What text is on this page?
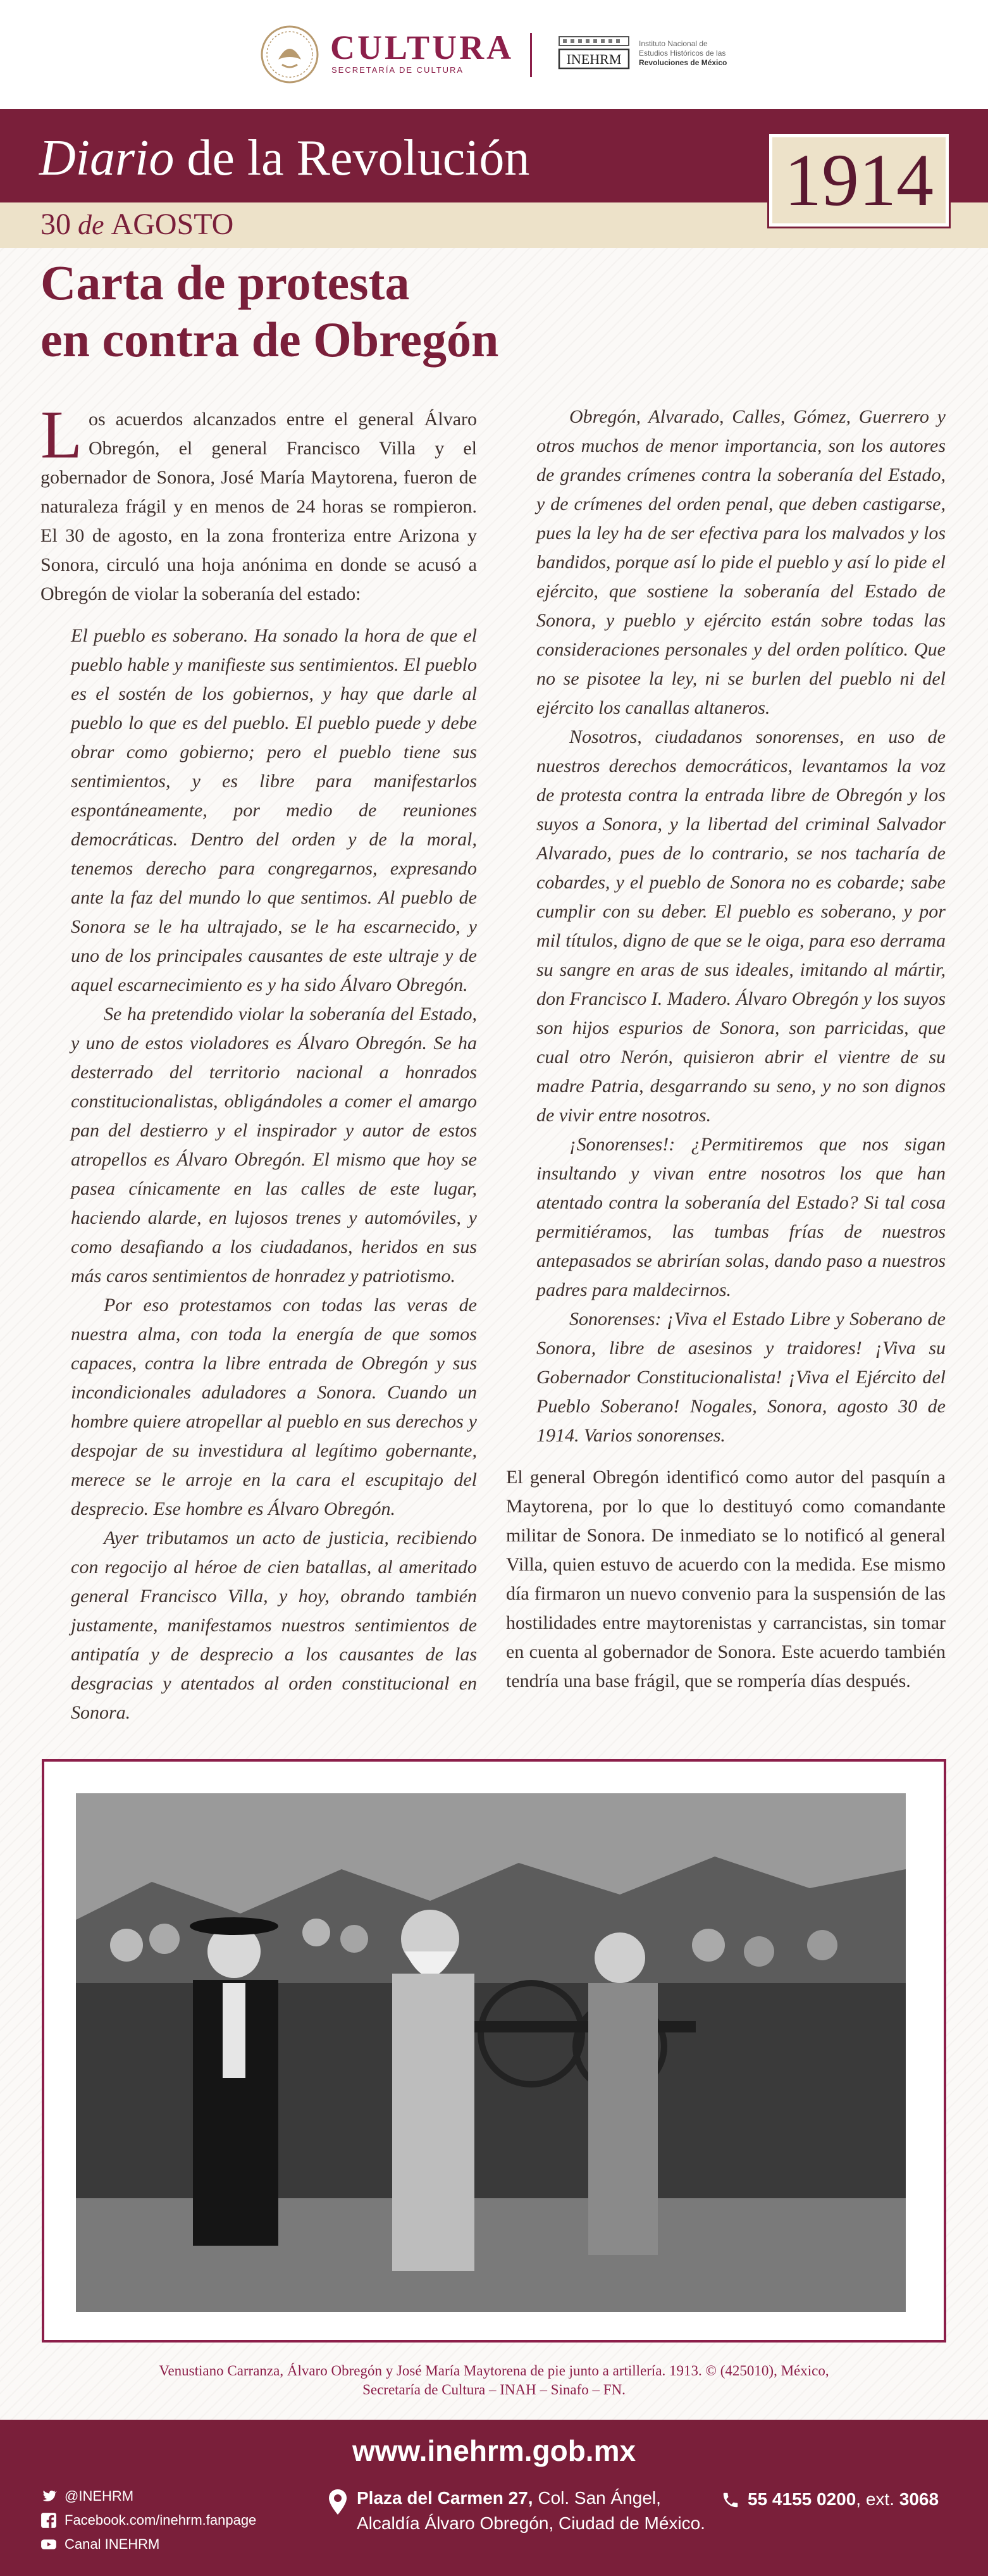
CULTURA
SECRETARÍA DE CULTURA
INEHRM
Instituto Nacional de
Estudios Históricos de las
Revoluciones de México
Diario de la Revolución
30 de AGOSTO
1914
Carta de protesta
en contra de Obregón

Los acuerdos alcanzados entre el general Álvaro Obregón, el general Francisco Villa y el gobernador de Sonora, José María Maytorena, fueron de naturaleza frágil y en menos de 24 horas se rompieron. El 30 de agosto, en la zona fronteriza entre Arizona y Sonora, circuló una hoja anónima en donde se acusó a Obregón de violar la soberanía del estado:

El pueblo es soberano. Ha sonado la hora de que el pueblo hable y manifieste sus sentimientos. El pueblo es el sostén de los gobiernos, y hay que darle al pueblo lo que es del pueblo. El pueblo puede y debe obrar como gobierno; pero el pueblo tiene sus sentimientos, y es libre para manifestarlos espontáneamente, por medio de reuniones democráticas. Dentro del orden y de la moral, tenemos derecho para congregarnos, expresando ante la faz del mundo lo que sentimos. Al pueblo de Sonora se le ha ultrajado, se le ha escarnecido, y uno de los principales causantes de este ultraje y de aquel escarnecimiento es y ha sido Álvaro Obregón.

Se ha pretendido violar la soberanía del Estado, y uno de estos violadores es Álvaro Obregón. Se ha desterrado del territorio nacional a honrados constitucionalistas, obligándoles a comer el amargo pan del destierro y el inspirador y autor de estos atropellos es Álvaro Obregón. El mismo que hoy se pasea cínicamente en las calles de este lugar, haciendo alarde, en lujosos trenes y automóviles, y como desafiando a los ciudadanos, heridos en sus más caros sentimientos de honradez y patriotismo.

Por eso protestamos con todas las veras de nuestra alma, con toda la energía de que somos capaces, contra la libre entrada de Obregón y sus incondicionales aduladores a Sonora. Cuando un hombre quiere atropellar al pueblo en sus derechos y despojar de su investidura al legítimo gobernante, merece se le arroje en la cara el escupitajo del desprecio. Ese hombre es Álvaro Obregón.

Ayer tributamos un acto de justicia, recibiendo con regocijo al héroe de cien batallas, al ameritado general Francisco Villa, y hoy, obrando también justamente, manifestamos nuestros sentimientos de antipatía y de desprecio a los causantes de las desgracias y atentados al orden constitucional en Sonora.

Obregón, Alvarado, Calles, Gómez, Guerrero y otros muchos de menor importancia, son los autores de grandes crímenes contra la soberanía del Estado, y de crímenes del orden penal, que deben castigarse, pues la ley ha de ser efectiva para los malvados y los bandidos, porque así lo pide el pueblo y así lo pide el ejército, que sostiene la soberanía del Estado de Sonora, y pueblo y ejército están sobre todas las consideraciones personales y del orden político. Que no se pisotee la ley, ni se burlen del pueblo ni del ejército los canallas altaneros.

Nosotros, ciudadanos sonorenses, en uso de nuestros derechos democráticos, levantamos la voz de protesta contra la entrada libre de Obregón y los suyos a Sonora, y la libertad del criminal Salvador Alvarado, pues de lo contrario, se nos tacharía de cobardes, y el pueblo de Sonora no es cobarde; sabe cumplir con su deber. El pueblo es soberano, y por mil títulos, digno de que se le oiga, para eso derrama su sangre en aras de sus ideales, imitando al mártir, don Francisco I. Madero. Álvaro Obregón y los suyos son hijos espurios de Sonora, son parricidas, que cual otro Nerón, quisieron abrir el vientre de su madre Patria, desgarrando su seno, y no son dignos de vivir entre nosotros.

¡Sonorenses!: ¿Permitiremos que nos sigan insultando y vivan entre nosotros los que han atentado contra la soberanía del Estado? Si tal cosa permitiéramos, las tumbas frías de nuestros antepasados se abrirían solas, dando paso a nuestros padres para maldecirnos.

Sonorenses: ¡Viva el Estado Libre y Soberano de Sonora, libre de asesinos y traidores! ¡Viva su Gobernador Constitucionalista! ¡Viva el Ejército del Pueblo Soberano! Nogales, Sonora, agosto 30 de 1914. Varios sonorenses.

El general Obregón identificó como autor del pasquín a Maytorena, por lo que lo destituyó como comandante militar de Sonora. De inmediato se lo notificó al general Villa, quien estuvo de acuerdo con la medida. Ese mismo día firmaron un nuevo convenio para la suspensión de las hostilidades entre maytorenistas y carrancistas, sin tomar en cuenta al gobernador de Sonora. Este acuerdo también tendría una base frágil, que se rompería días después.

Venustiano Carranza, Álvaro Obregón y José María Maytorena de pie junto a artillería. 1913. © (425010), México,
Secretaría de Cultura – INAH – Sinafo – FN.
www.inehrm.gob.mx
@INEHRM
Facebook.com/inehrm.fanpage
Canal INEHRM
Plaza del Carmen 27, Col. San Ángel,
Alcaldía Álvaro Obregón, Ciudad de México.
55 4155 0200, ext. 3068
